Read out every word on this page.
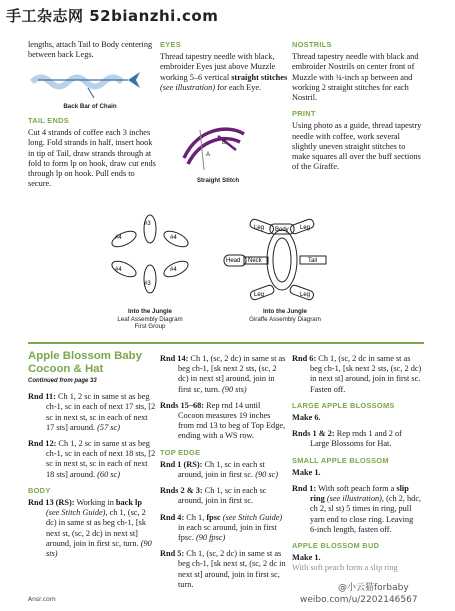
手工杂志网 52bianzhi.com
lengths, attach Tail to Body centering between back Legs.
Back Bar of Chain
TAIL ENDS
Cut 4 strands of coffee each 3 inches long. Fold strands in half, insert hook in tip of Tail, draw strands through at fold to form lp on hook, draw cut ends through lp on hook. Pull ends to secure.
EYES
Thread tapestry needle with black, embroider Eyes just above Muzzle working 5–6 vertical straight stitches (see illustration) for each Eye.
A
B
Straight Stitch
NOSTRILS
Thread tapestry needle with black and embroider Nostrils on center front of Muzzle with ¾-inch sp between and working 2 straight stitches for each Nostril.
PRINT
Using photo as a guide, thread tapestry needle with coffee, work several slightly uneven straight stitches to make squares all over the buff sections of the Giraffe.
#3
#4	#4
#4	#4
#3
Into the Jungle
Leaf Assembly Diagram
First Group
Leg	Leg
Leg	Leg
Body
Head Neck	Tail
Into the Jungle
Giraffe Assembly Diagram
Apple Blossom Baby
Cocoon & Hat
Continued from page 33
Rnd 11: Ch 1, 2 sc in same st as beg ch-1, sc in each of next 17 sts, [2 sc in next st, sc in each of next 17 sts] around. (57 sc)
Rnd 12: Ch 1, 2 sc in same st as beg ch-1, sc in each of next 18 sts, [2 sc in next st, sc in each of next 18 sts] around. (60 sc)
BODY
Rnd 13 (RS): Working in back lp (see Stitch Guide), ch 1, (sc, 2 dc) in same st as beg ch-1, [sk next st, (sc, 2 dc) in next st] around, join in first sc, turn. (90 sts)
Rnd 14: Ch 1, (sc, 2 dc) in same st as beg ch-1, [sk next 2 sts, (sc, 2 dc) in next st] around, join in first sc, turn. (90 sts)
Rnds 15–68: Rep rnd 14 until Cocoon measures 19 inches from rnd 13 to beg of Top Edge, ending with a WS row.
TOP EDGE
Rnd 1 (RS): Ch 1, sc in each st around, join in first sc. (90 sc)
Rnds 2 & 3: Ch 1, sc in each sc around, join in first sc.
Rnd 4: Ch 1, fpsc (see Stitch Guide) in each sc around, join in first fpsc. (90 fpsc)
Rnd 5: Ch 1, (sc, 2 dc) in same st as beg ch-1, [sk next st, (sc, 2 dc in next st] around, join in first sc, turn.
Rnd 6: Ch 1, (sc, 2 dc in same st as beg ch-1, [sk next 2 sts, (sc, 2 dc) in next st] around, join in first sc. Fasten off.
LARGE APPLE BLOSSOMS
Make 6.
Rnds 1 & 2: Rep rnds 1 and 2 of Large Blossoms for Hat.
SMALL APPLE BLOSSOM
Make 1.
Rnd 1: With soft peach form a slip ring (see illustration), (ch 2, hdc, ch 2, sl st) 5 times in ring, pull yarn end to close ring. Leaving 6-inch length, fasten off.
APPLE BLOSSOM BUD
Make 1.
With soft peach form a slip ring
Ansr.com
@小云猫forbaby
weibo.com/u/2202146567
